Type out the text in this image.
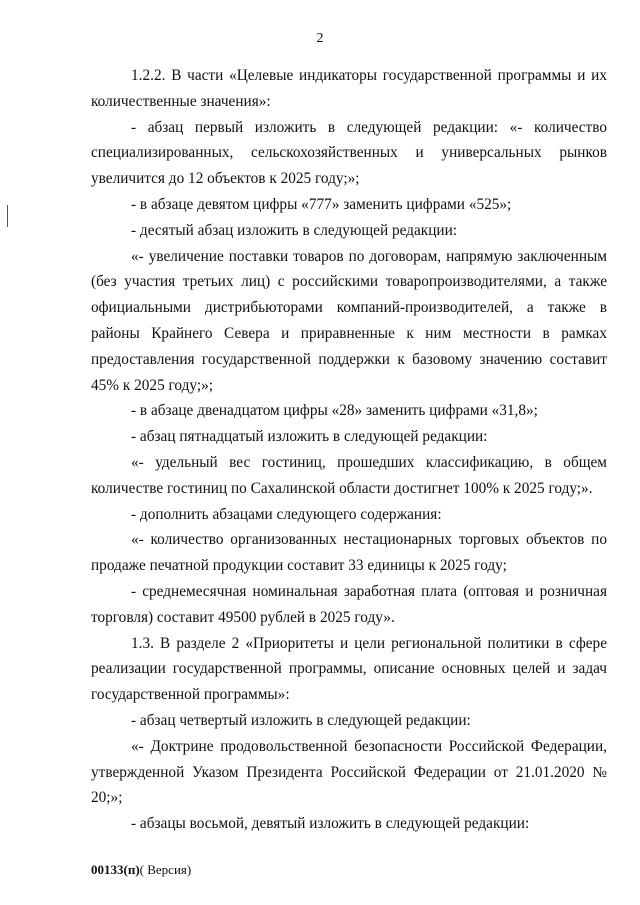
2

1.2.2. В части «Целевые индикаторы государственной программы и их количественные значения»:

- абзац первый изложить в следующей редакции: «- количество специализированных, сельскохозяйственных и универсальных рынков увеличится до 12 объектов к 2025 году;»;

- в абзаце девятом цифры «777» заменить цифрами «525»;

- десятый абзац изложить в следующей редакции:

«- увеличение поставки товаров по договорам, напрямую заключенным (без участия третьих лиц) с российскими товаропроизводителями, а также официальными дистрибьюторами компаний-производителей, а также в районы Крайнего Севера и приравненные к ним местности в рамках предоставления государственной поддержки к базовому значению составит 45% к 2025 году;»;

- в абзаце двенадцатом цифры «28» заменить цифрами «31,8»;

- абзац пятнадцатый изложить в следующей редакции:

«- удельный вес гостиниц, прошедших классификацию, в общем количестве гостиниц по Сахалинской области достигнет 100% к 2025 году;».

- дополнить абзацами следующего содержания:

«- количество организованных нестационарных торговых объектов по продаже печатной продукции составит 33 единицы к 2025 году;

- среднемесячная номинальная заработная плата (оптовая и розничная торговля) составит 49500 рублей в 2025 году».

1.3. В разделе 2 «Приоритеты и цели региональной политики в сфере реализации государственной программы, описание основных целей и задач государственной программы»:

- абзац четвертый изложить в следующей редакции:

«- Доктрине продовольственной безопасности Российской Федерации, утвержденной Указом Президента Российской Федерации от 21.01.2020 № 20;»;

- абзацы восьмой, девятый изложить в следующей редакции:

00133(п)( Версия)
